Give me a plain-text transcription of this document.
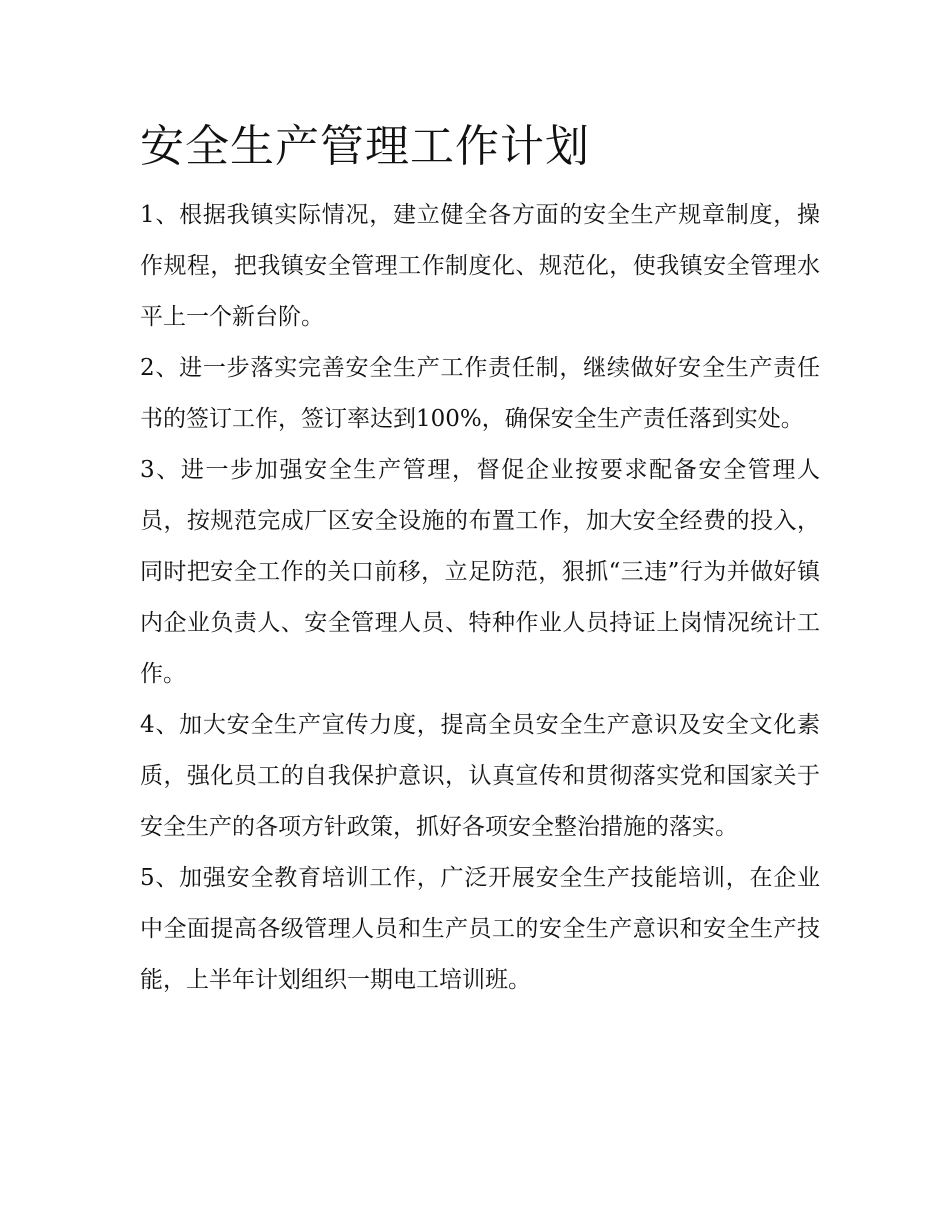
安全生产管理工作计划

1、根据我镇实际情况，建立健全各方面的安全生产规章制度，操作规程，把我镇安全管理工作制度化、规范化，使我镇安全管理水平上一个新台阶。

2、进一步落实完善安全生产工作责任制，继续做好安全生产责任书的签订工作，签订率达到100%，确保安全生产责任落到实处。

3、进一步加强安全生产管理，督促企业按要求配备安全管理人员，按规范完成厂区安全设施的布置工作，加大安全经费的投入，同时把安全工作的关口前移，立足防范，狠抓“三违”行为并做好镇内企业负责人、安全管理人员、特种作业人员持证上岗情况统计工作。

4、加大安全生产宣传力度，提高全员安全生产意识及安全文化素质，强化员工的自我保护意识，认真宣传和贯彻落实党和国家关于安全生产的各项方针政策，抓好各项安全整治措施的落实。

5、加强安全教育培训工作，广泛开展安全生产技能培训，在企业中全面提高各级管理人员和生产员工的安全生产意识和安全生产技能，上半年计划组织一期电工培训班。
